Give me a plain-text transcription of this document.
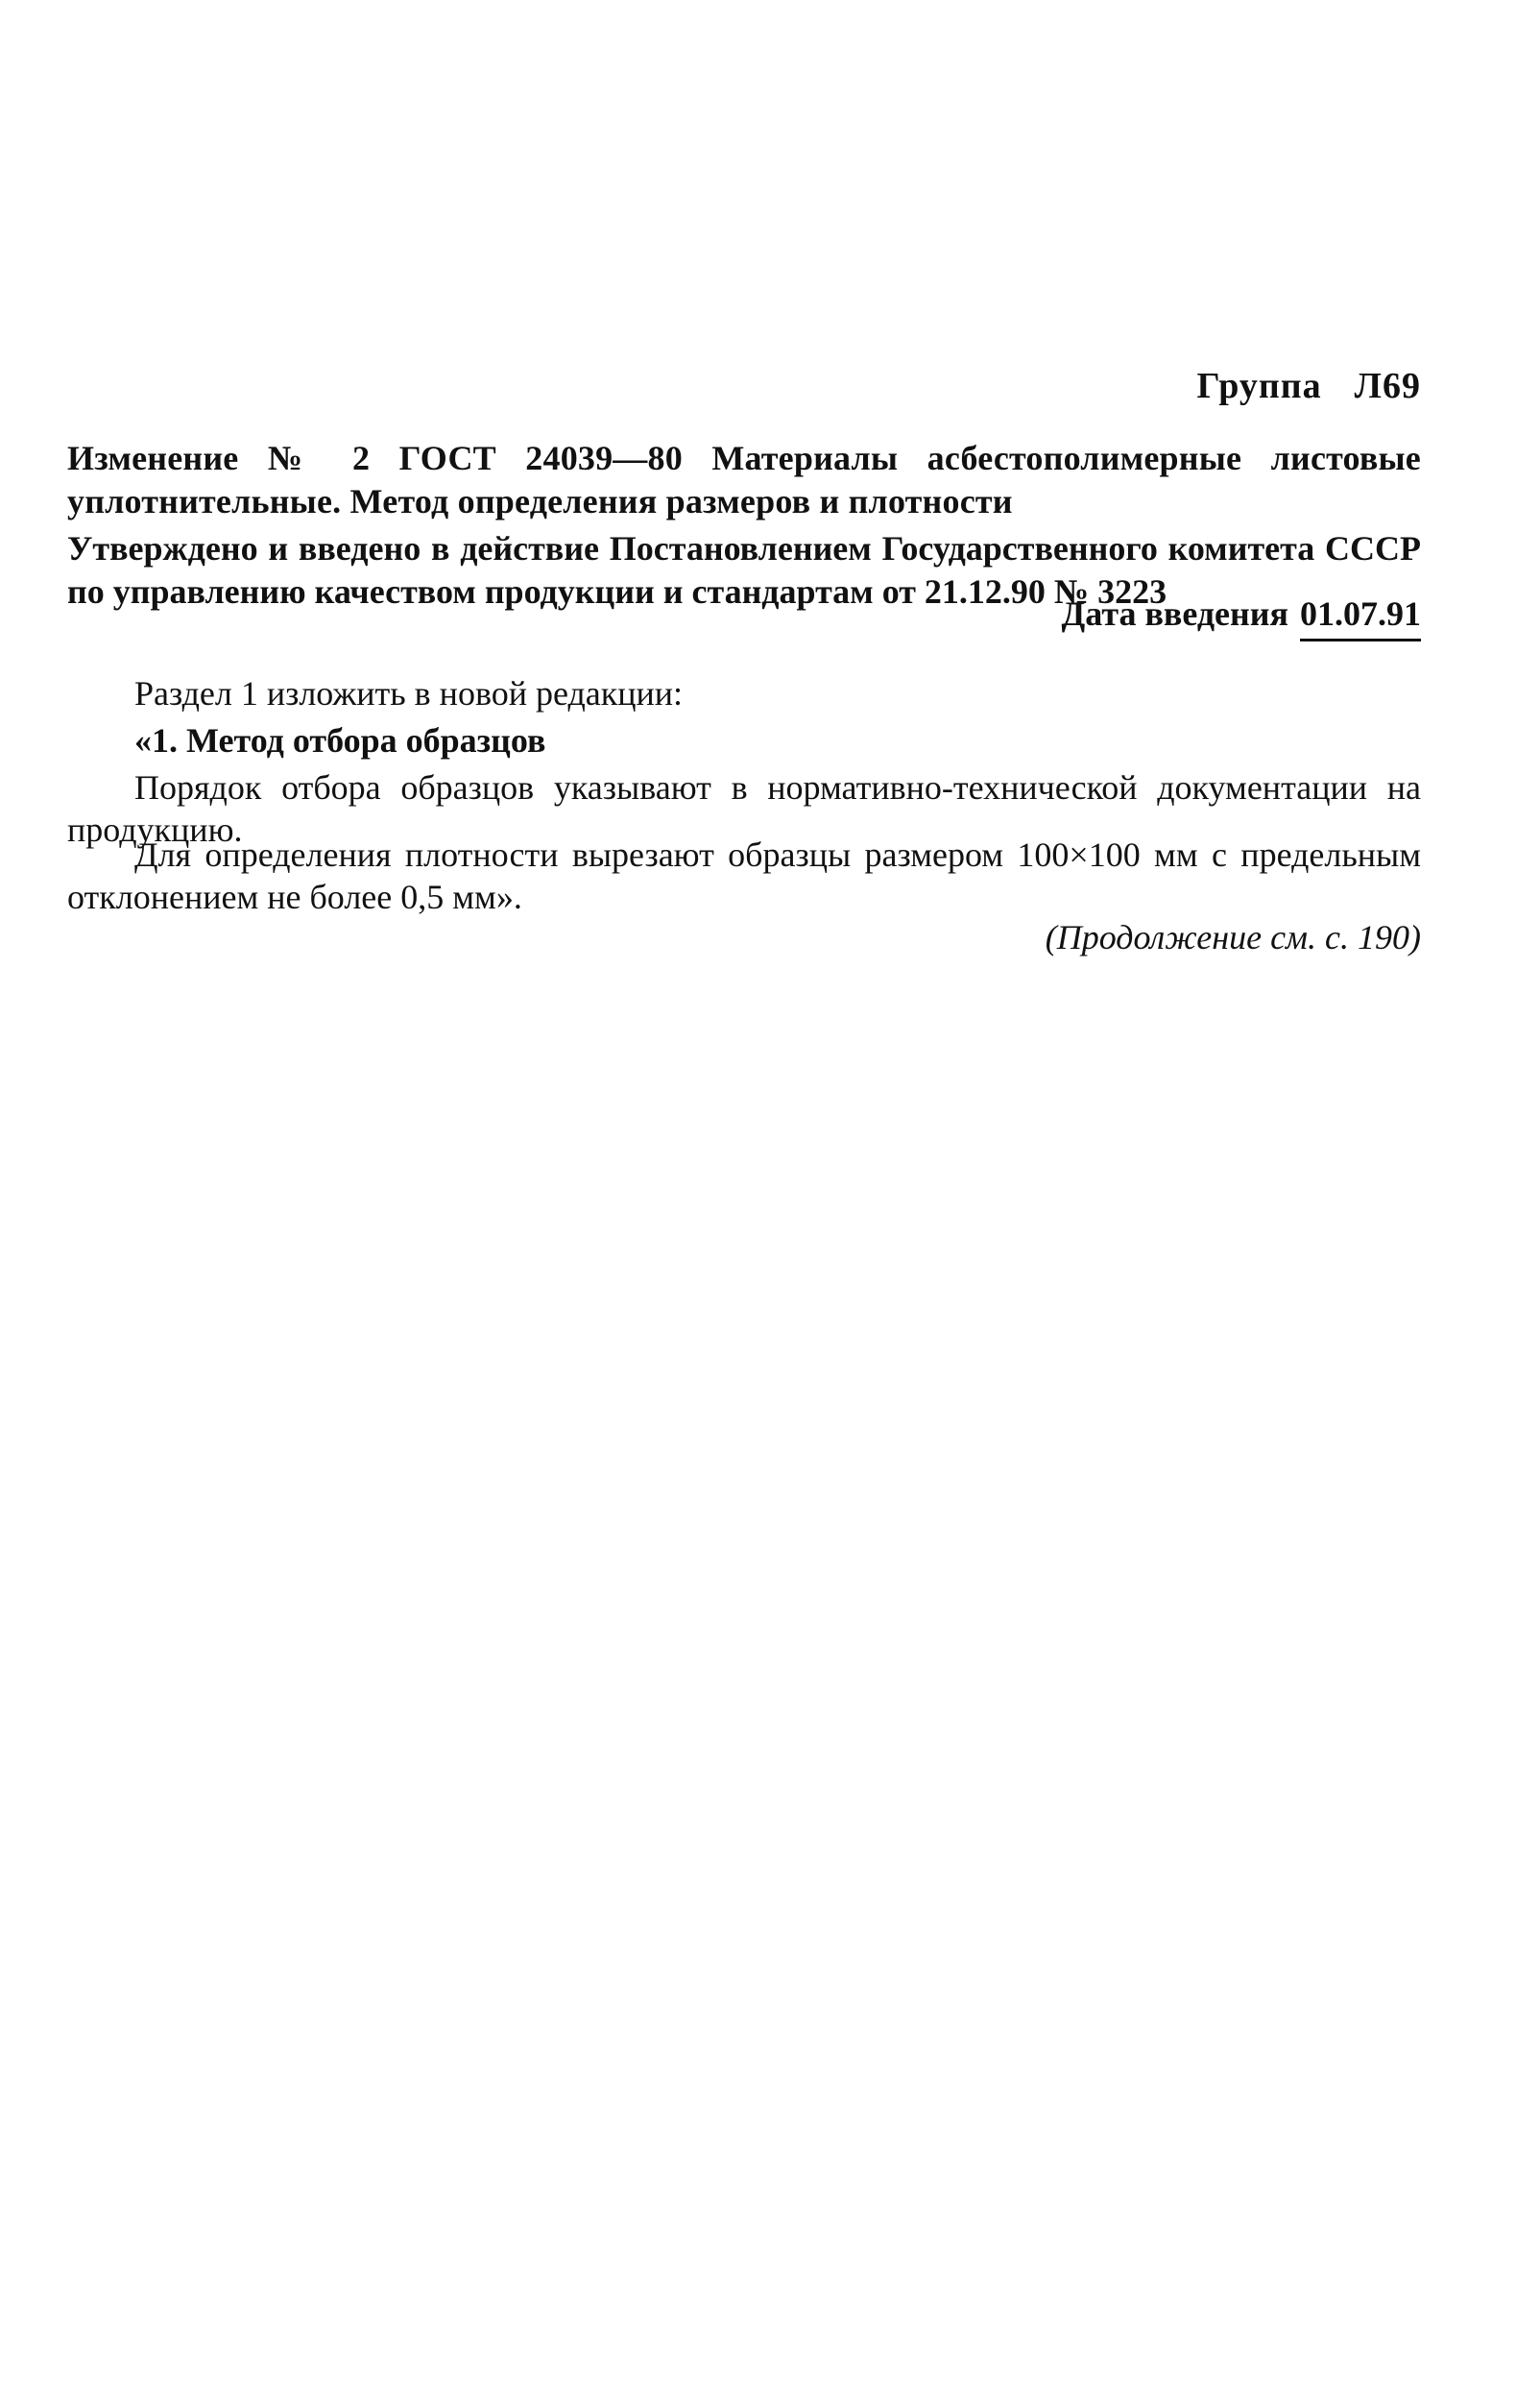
Группа Л69
Изменение № 2 ГОСТ 24039—80 Материалы асбестополимерные листовые уплотнительные. Метод определения размеров и плотности
Утверждено и введено в действие Постановлением Государственного комитета СССР по управлению качеством продукции и стандартам от 21.12.90 № 3223
Дата введения 01.07.91
Раздел 1 изложить в новой редакции:
«1. Метод отбора образцов
Порядок отбора образцов указывают в нормативно-технической документации на продукцию.
Для определения плотности вырезают образцы размером 100×100 мм с предельным отклонением не более 0,5 мм».
(Продолжение см. с. 190)
